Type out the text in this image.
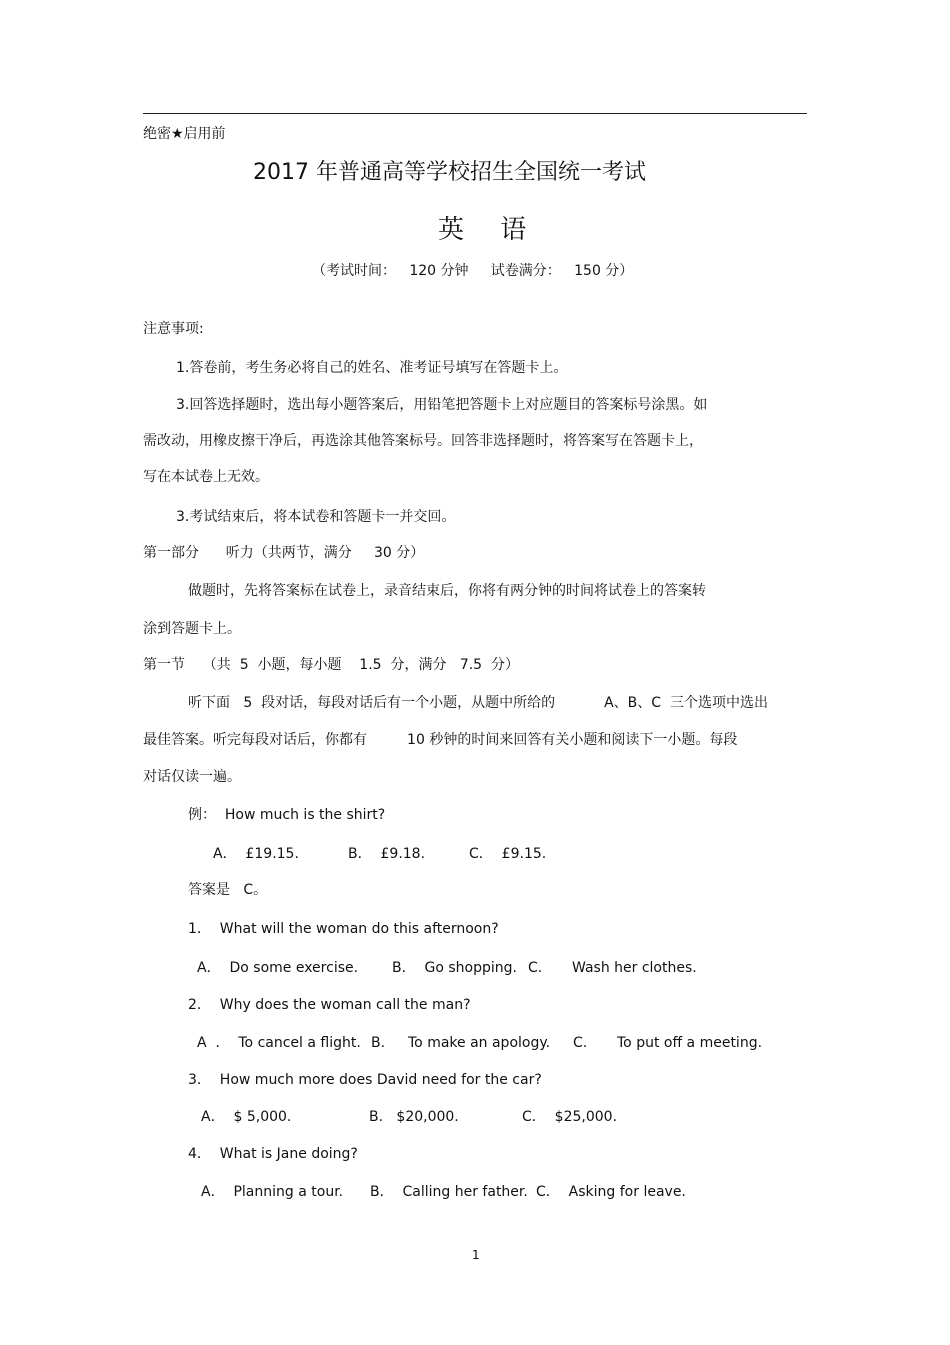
绝密★启用前
2017 年普通高等学校招生全国统一考试
英 语
（考试时间：   120 分钟     试卷满分：   150 分）
注意事项:
1.答卷前，考生务必将自己的姓名、准考证号填写在答题卡上。
3.回答选择题时，选出每小题答案后，用铅笔把答题卡上对应题目的答案标号涂黑。如
需改动，用橡皮擦干净后，再选涂其他答案标号。回答非选择题时，将答案写在答题卡上，
写在本试卷上无效。
3.考试结束后，将本试卷和答题卡一并交回。
第一部分      听力（共两节，满分     30 分）
做题时，先将答案标在试卷上，录音结束后，你将有两分钟的时间将试卷上的答案转
涂到答题卡上。
第一节    （共  5  小题，每小题    1.5  分，满分   7.5  分）
听下面   5  段对话，每段对话后有一个小题，从题中所给的           A、B、C  三个选项中选出
最佳答案。听完每段对话后，你都有         10 秒钟的时间来回答有关小题和阅读下一小题。每段
对话仅读一遍。
例：  How much is the shirt?
A．  £19.15.	B．  £9.18.	C．  £9.15.
答案是   C。
1．  What will the woman do this afternoon?
A．  Do some exercise. B．  Go shopping. C. Wash her clothes.
2．  Why does the woman call the man?
A  ．  To cancel a flight. B. To make an apology. C. To put off a meeting.
3．  How much more does David need for the car?
A．  $ 5,000.	B.   $20,000.	C．  $25,000.
4．  What is Jane doing?
A．  Planning a tour. B．  Calling her father. C．  Asking for leave.
1
